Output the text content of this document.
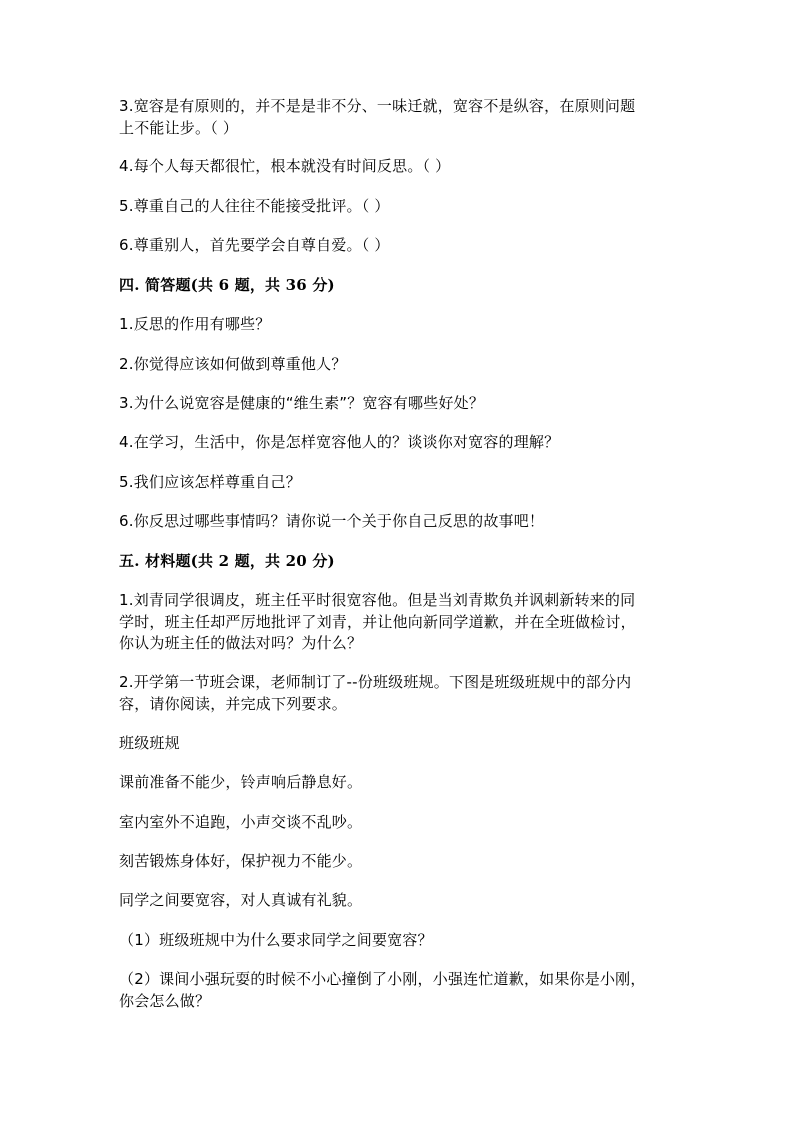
3.宽容是有原则的，并不是是非不分、一味迁就，宽容不是纵容，在原则问题
上不能让步。（ ）
4.每个人每天都很忙，根本就没有时间反思。（ ）
5.尊重自己的人往往不能接受批评。（ ）
6.尊重别人，首先要学会自尊自爱。（ ）
四. 简答题(共 6 题，共 36 分)
1.反思的作用有哪些？
2.你觉得应该如何做到尊重他人？
3.为什么说宽容是健康的“维生素”？宽容有哪些好处？
4.在学习，生活中，你是怎样宽容他人的？谈谈你对宽容的理解？
5.我们应该怎样尊重自己？
6.你反思过哪些事情吗？请你说一个关于你自己反思的故事吧！
五. 材料题(共 2 题，共 20 分)
1.刘青同学很调皮，班主任平时很宽容他。但是当刘青欺负并讽刺新转来的同
学时，班主任却严厉地批评了刘青，并让他向新同学道歉，并在全班做检讨，
你认为班主任的做法对吗？为什么？
2.开学第一节班会课，老师制订了--份班级班规。下图是班级班规中的部分内
容，请你阅读，并完成下列要求。
班级班规
课前准备不能少，铃声响后静息好。
室内室外不追跑，小声交谈不乱吵。
刻苦锻炼身体好，保护视力不能少。
同学之间要宽容，对人真诚有礼貌。
（1）班级班规中为什么要求同学之间要宽容？
（2）课间小强玩耍的时候不小心撞倒了小刚，小强连忙道歉，如果你是小刚，
你会怎么做？
